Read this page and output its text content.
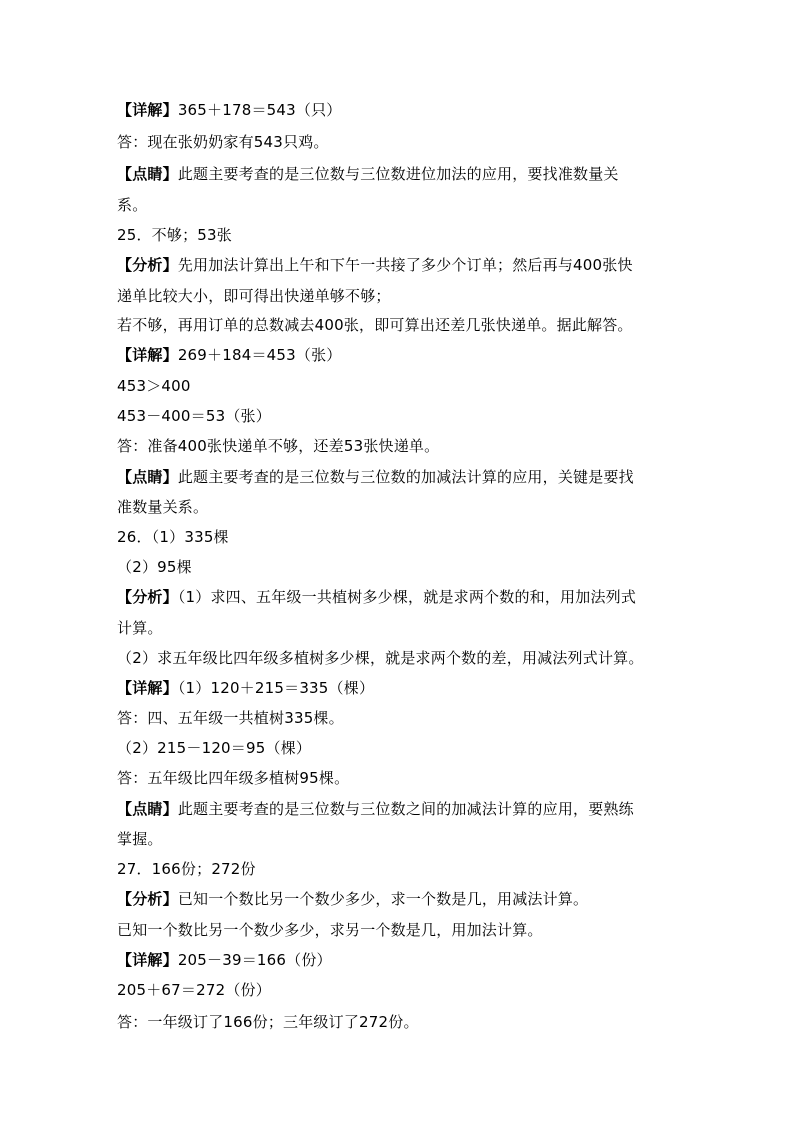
【详解】365＋178＝543（只）
答：现在张奶奶家有543只鸡。
【点睛】此题主要考查的是三位数与三位数进位加法的应用，要找准数量关
系。
25．不够；53张
【分析】先用加法计算出上午和下午一共接了多少个订单；然后再与400张快
递单比较大小，即可得出快递单够不够；
若不够，再用订单的总数减去400张，即可算出还差几张快递单。据此解答。
【详解】269＋184＝453（张）
453＞400
453－400＝53（张）
答：准备400张快递单不够，还差53张快递单。
【点睛】此题主要考查的是三位数与三位数的加减法计算的应用，关键是要找
准数量关系。
26．（1）335棵
（2）95棵
【分析】（1）求四、五年级一共植树多少棵，就是求两个数的和，用加法列式
计算。
（2）求五年级比四年级多植树多少棵，就是求两个数的差，用减法列式计算。
【详解】（1）120＋215＝335（棵）
答：四、五年级一共植树335棵。
（2）215－120＝95（棵）
答：五年级比四年级多植树95棵。
【点睛】此题主要考查的是三位数与三位数之间的加减法计算的应用，要熟练
掌握。
27．166份；272份
【分析】已知一个数比另一个数少多少，求一个数是几，用减法计算。
已知一个数比另一个数少多少，求另一个数是几，用加法计算。
【详解】205－39＝166（份）
205＋67＝272（份）
答：一年级订了166份；三年级订了272份。
